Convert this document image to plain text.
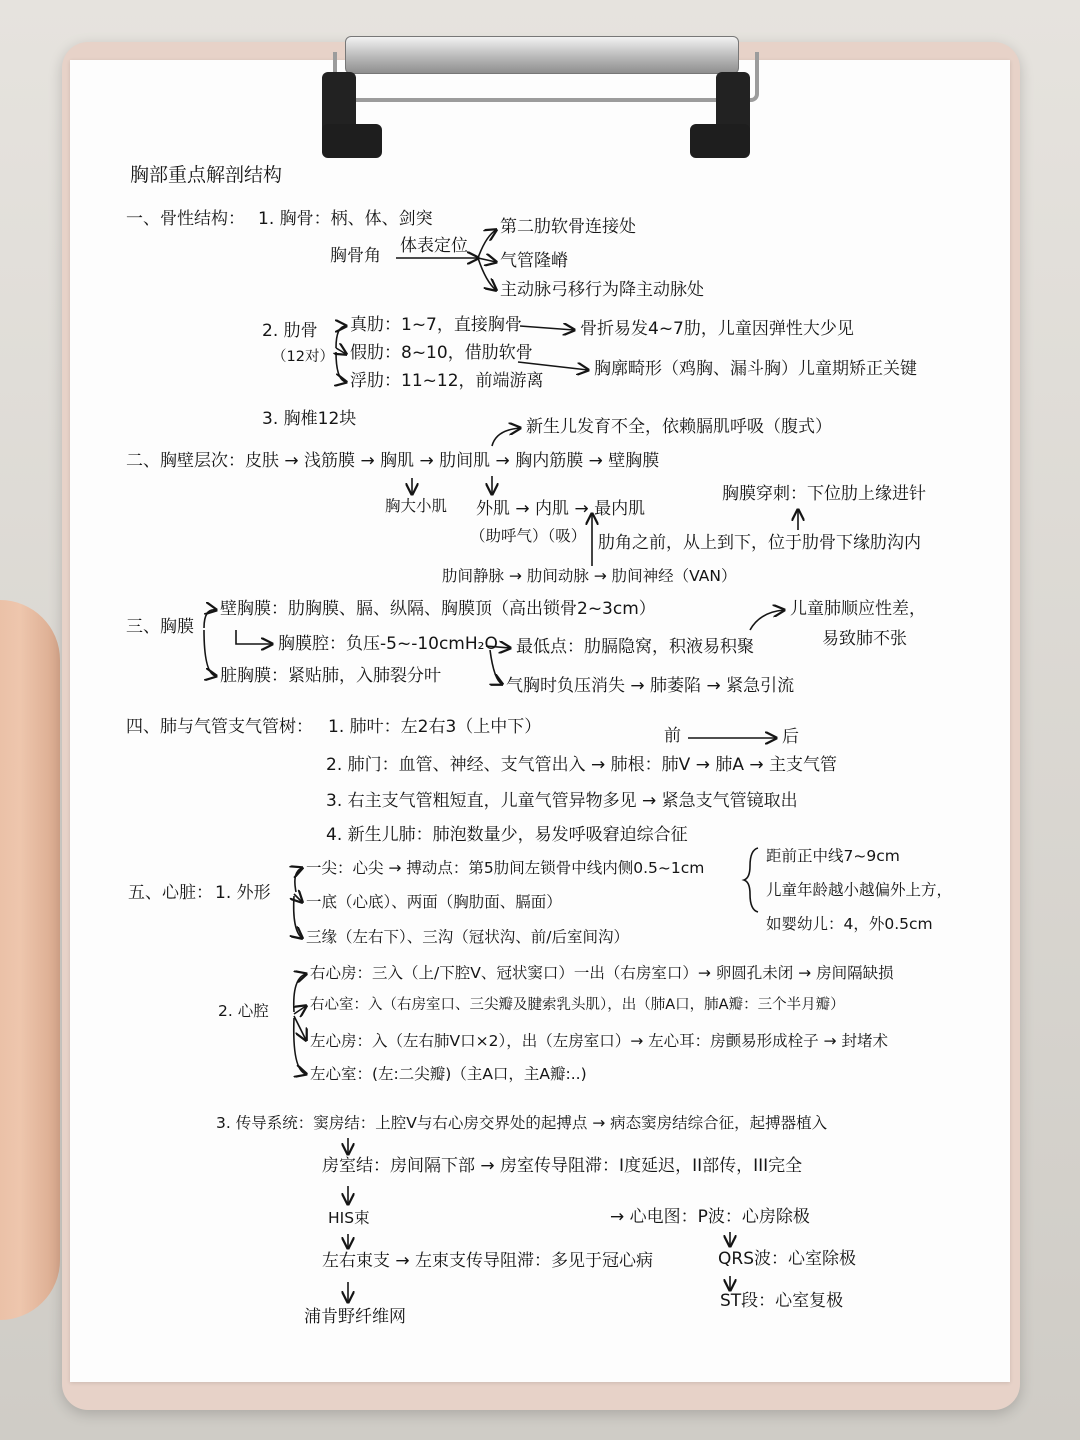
胸部重点解剖结构
一、骨性结构： 1. 胸骨：柄、体、剑突
胸骨角 体表定位
第二肋软骨连接处
气管隆嵴
主动脉弓移行为降主动脉处
2. 肋骨
（12对）
真肋：1~7，直接胸骨	骨折易发4~7肋，儿童因弹性大少见
假肋：8~10，借肋软骨
浮肋：11~12，前端游离
胸廓畸形（鸡胸、漏斗胸）儿童期矫正关键
3. 胸椎12块	新生儿发育不全，依赖膈肌呼吸（腹式）
二、胸壁层次：皮肤 → 浅筋膜 → 胸肌 → 肋间肌 → 胸内筋膜 → 壁胸膜
胸大小肌 外肌 → 内肌 → 最内肌
（助呼气）（吸）
胸膜穿刺：下位肋上缘进针
肋角之前，从上到下，位于肋骨下缘肋沟内
肋间静脉 → 肋间动脉 → 肋间神经（VAN）
三、胸膜
壁胸膜：肋胸膜、膈、纵隔、胸膜顶（高出锁骨2~3cm）	儿童肺顺应性差，
易致肺不张
胸膜腔：负压-5~-10cmH₂O 最低点：肋膈隐窝，积液易积聚
脏胸膜：紧贴肺，入肺裂分叶	气胸时负压消失 → 肺萎陷 → 紧急引流
四、肺与气管支气管树： 1. 肺叶：左2右3（上中下）	前	后
2. 肺门：血管、神经、支气管出入 → 肺根：肺V → 肺A → 主支气管
3. 右主支气管粗短直，儿童气管异物多见 → 紧急支气管镜取出
4. 新生儿肺：肺泡数量少，易发呼吸窘迫综合征
五、心脏： 1. 外形
一尖：心尖 → 搏动点：第5肋间左锁骨中线内侧0.5~1cm
距前正中线7~9cm
儿童年龄越小越偏外上方，
如婴幼儿：4，外0.5cm
一底（心底）、两面（胸肋面、膈面）
三缘（左右下）、三沟（冠状沟、前/后室间沟）
2. 心腔
右心房：三入（上/下腔V、冠状窦口）一出（右房室口）→ 卵圆孔未闭 → 房间隔缺损
右心室：入（右房室口、三尖瓣及腱索乳头肌），出（肺A口，肺A瓣：三个半月瓣）
左心房：入（左右肺V口×2），出（左房室口）→ 左心耳：房颤易形成栓子 → 封堵术
左心室：(左:二尖瓣)（主A口，主A瓣:..)
3. 传导系统：窦房结：上腔V与右心房交界处的起搏点 → 病态窦房结综合征，起搏器植入
房室结：房间隔下部 → 房室传导阻滞：I度延迟，II部传，III完全
HIS束	→ 心电图：P波：心房除极
QRS波：心室除极
左右束支 → 左束支传导阻滞：多见于冠心病
ST段：心室复极
浦肯野纤维网
